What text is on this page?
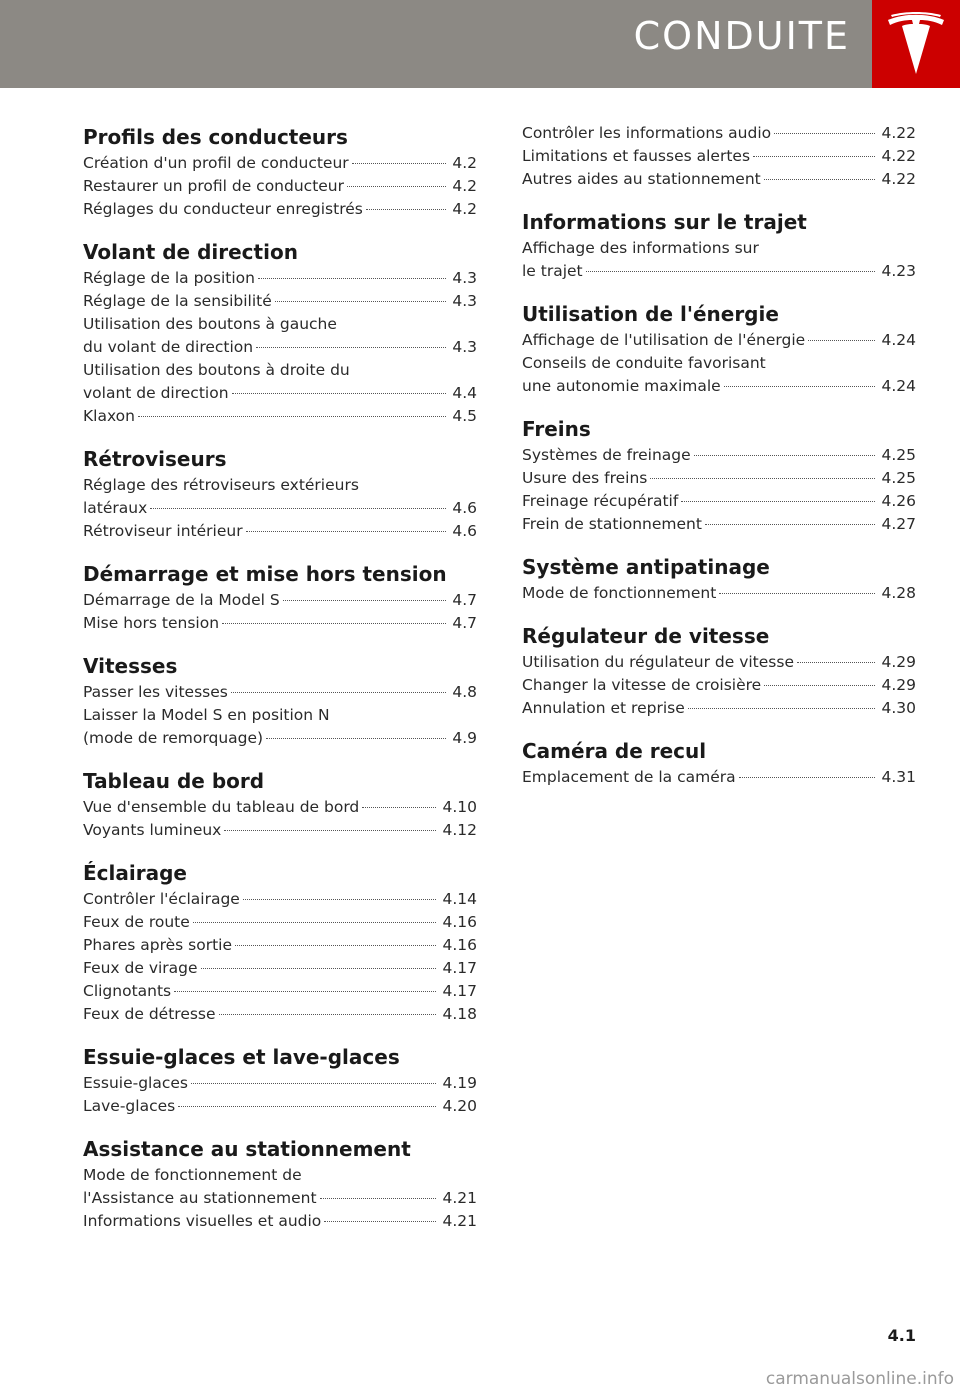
CONDUITE
Profils des conducteurs
Création d'un profil de conducteur	4.2
Restaurer un profil de conducteur	4.2
Réglages du conducteur enregistrés	4.2
Volant de direction
Réglage de la position	4.3
Réglage de la sensibilité	4.3
Utilisation des boutons à gauche
du volant de direction	4.3
Utilisation des boutons à droite du
volant de direction	4.4
Klaxon	4.5
Rétroviseurs
Réglage des rétroviseurs extérieurs
latéraux	4.6
Rétroviseur intérieur	4.6
Démarrage et mise hors tension
Démarrage de la Model S	4.7
Mise hors tension	4.7
Vitesses
Passer les vitesses	4.8
Laisser la Model S en position N
(mode de remorquage)	4.9
Tableau de bord
Vue d'ensemble du tableau de bord	4.10
Voyants lumineux	4.12
Éclairage
Contrôler l'éclairage	4.14
Feux de route	4.16
Phares après sortie	4.16
Feux de virage	4.17
Clignotants	4.17
Feux de détresse	4.18
Essuie-glaces et lave-glaces
Essuie-glaces	4.19
Lave-glaces	4.20
Assistance au stationnement
Mode de fonctionnement de
l'Assistance au stationnement	4.21
Informations visuelles et audio	4.21
Contrôler les informations audio	4.22
Limitations et fausses alertes	4.22
Autres aides au stationnement	4.22
Informations sur le trajet
Affichage des informations sur
le trajet	4.23
Utilisation de l'énergie
Affichage de l'utilisation de l'énergie	4.24
Conseils de conduite favorisant
une autonomie maximale	4.24
Freins
Systèmes de freinage	4.25
Usure des freins	4.25
Freinage récupératif	4.26
Frein de stationnement	4.27
Système antipatinage
Mode de fonctionnement	4.28
Régulateur de vitesse
Utilisation du régulateur de vitesse	4.29
Changer la vitesse de croisière	4.29
Annulation et reprise	4.30
Caméra de recul
Emplacement de la caméra	4.31
4.1
carmanualsonline.info
